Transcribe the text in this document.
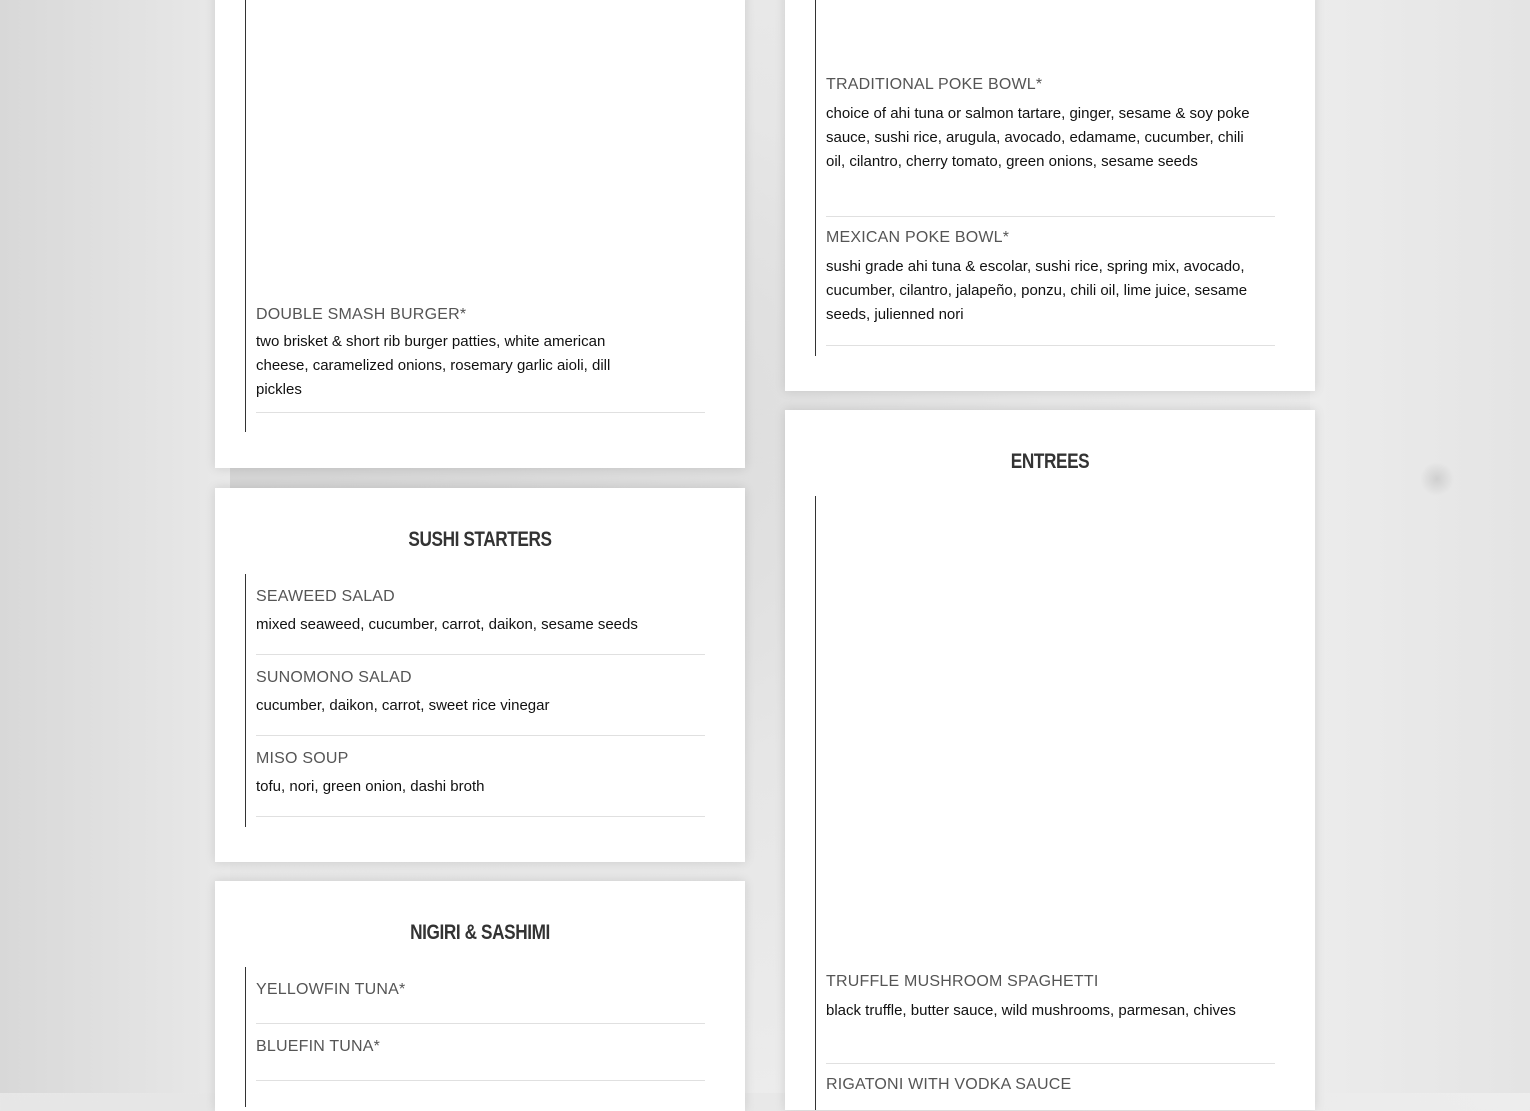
DOUBLE SMASH BURGER*
two brisket & short rib burger patties, white american cheese, caramelized onions, rosemary garlic aioli, dill pickles
SUSHI STARTERS
SEAWEED SALAD
mixed seaweed, cucumber, carrot, daikon, sesame seeds
SUNOMONO SALAD
cucumber, daikon, carrot, sweet rice vinegar
MISO SOUP
tofu, nori, green onion, dashi broth
NIGIRI & SASHIMI
YELLOWFIN TUNA*
BLUEFIN TUNA*
TRADITIONAL POKE BOWL*
choice of ahi tuna or salmon tartare, ginger, sesame & soy poke sauce, sushi rice, arugula, avocado, edamame, cucumber, chili oil, cilantro, cherry tomato, green onions, sesame seeds
MEXICAN POKE BOWL*
sushi grade ahi tuna & escolar, sushi rice, spring mix, avocado, cucumber, cilantro, jalapeño, ponzu, chili oil, lime juice, sesame seeds, julienned nori
ENTREES
TRUFFLE MUSHROOM SPAGHETTI
black truffle, butter sauce, wild mushrooms, parmesan, chives
RIGATONI WITH VODKA SAUCE
